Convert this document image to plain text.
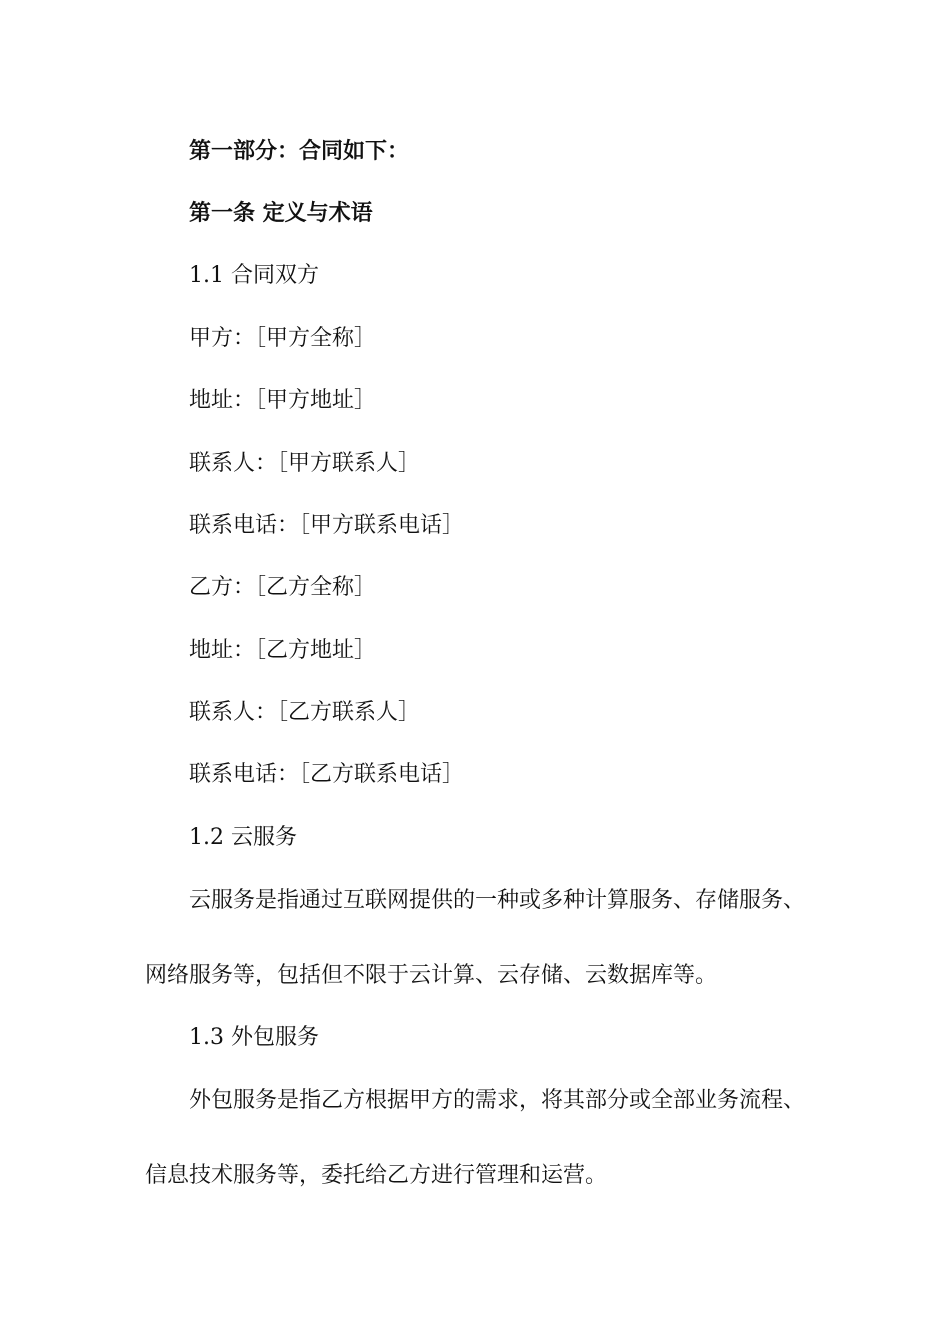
第一部分：合同如下：

第一条 定义与术语

1.1 合同双方

甲方：［甲方全称］

地址：［甲方地址］

联系人：［甲方联系人］

联系电话：［甲方联系电话］

乙方：［乙方全称］

地址：［乙方地址］

联系人：［乙方联系人］

联系电话：［乙方联系电话］

1.2 云服务

云服务是指通过互联网提供的一种或多种计算服务、存储服务、

网络服务等，包括但不限于云计算、云存储、云数据库等。

1.3 外包服务

外包服务是指乙方根据甲方的需求，将其部分或全部业务流程、

信息技术服务等，委托给乙方进行管理和运营。
